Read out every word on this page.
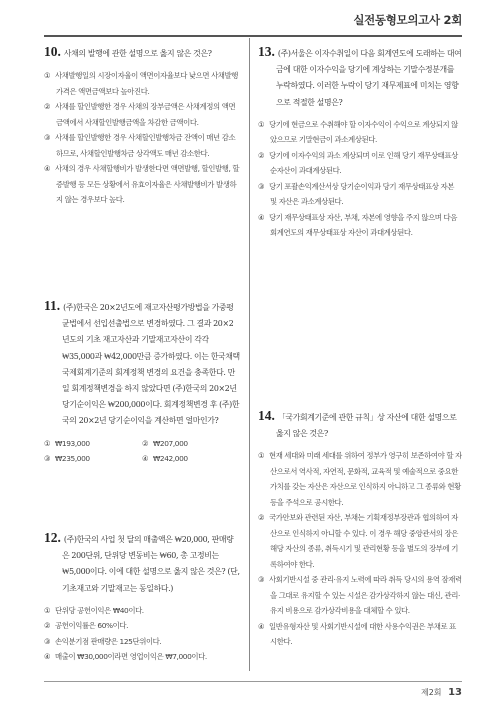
실전동형모의고사 2회
10. 사채의 발행에 관한 설명으로 옳지 않은 것은?
① 사채발행일의 시장이자율이 액면이자율보다 낮으면 사채발행가격은 액면금액보다 높아진다.
② 사채를 할인발행한 경우 사채의 장부금액은 사채계정의 액면금액에서 사채할인발행금액을 차감한 금액이다.
③ 사채를 할인발행한 경우 사채할인발행차금 잔액이 매년 감소하므로, 사채할인발행차금 상각액도 매년 감소한다.
④ 사채의 경우 사채할행비가 발생한다면 액면발행, 할인발행, 할증발행 등 모든 상황에서 유효이자율은 사채발행비가 발생하지 않는 경우보다 높다.
11. (주)한국은 20×2년도에 재고자산평가방법을 가중평균법에서 선입선출법으로 변경하였다. 그 결과 20×2년도의 기초 재고자산과 기말재고자산이 각각 ₩35,000과 ₩42,000만큼 증가하였다. 이는 한국채택국제회계기준의 회계정책 변경의 요건을 충족한다. 만일 회계정책변경을 하지 않았다면 (주)한국의 20×2년 당기순이익은 ₩200,000이다. 회계정책변경 후 (주)한국의 20×2년 당기순이익을 계산하면 얼마인가?
① ₩193,000	② ₩207,000
③ ₩235,000	④ ₩242,000
12. (주)한국의 사업 첫 달의 매출액은 ₩20,000, 판매량은 200단위, 단위당 변동비는 ₩60, 총 고정비는 ₩5,000이다. 이에 대한 설명으로 옳지 않은 것은? (단, 기초재고와 기말재고는 동일하다.)
① 단위당 공헌이익은 ₩40이다.
② 공헌이익률은 60%이다.
③ 손익분기점 판매량은 125단위이다.
④ 매출이 ₩30,000이라면 영업이익은 ₩7,000이다.
13. (주)서울은 이자수취일이 다음 회계연도에 도래하는 대여금에 대한 이자수익을 당기에 계상하는 기말수정분개를 누락하였다. 이러한 누락이 당기 재무제표에 미치는 영향으로 적절한 설명은?
① 당기에 현금으로 수취해야 할 이자수익이 수익으로 계상되지 않았으므로 기말현금이 과소계상된다.
② 당기에 이자수익의 과소 계상되며 이로 인해 당기 재무상태표상 순자산이 과대계상된다.
③ 당기 포괄손익계산서상 당기순이익과 당기 재무상태표상 자본 및 자산은 과소계상된다.
④ 당기 재무상태표상 자산, 부채, 자본에 영향을 주지 않으며 다음 회계연도의 재무상태표상 자산이 과대계상된다.
14. 「국가회계기준에 관한 규칙」상 자산에 대한 설명으로 옳지 않은 것은?
① 현재 세대와 미래 세대를 위하여 정부가 영구히 보존하여야 할 자산으로서 역사적, 자연적, 문화적, 교육적 및 예술적으로 중요한 가치를 갖는 자산은 자산으로 인식하지 아니하고 그 종류와 현황 등을 주석으로 공시한다.
② 국가안보와 관련된 자산, 부채는 기획재정부장관과 협의하여 자산으로 인식하지 아니할 수 있다. 이 경우 해당 중앙관서의 장은 해당 자산의 종류, 취득시기 및 관리현황 등을 별도의 장부에 기록하여야 한다.
③ 사회기반시설 중 관리·유지 노력에 따라 취득 당시의 용역 잠재력을 그대로 유지할 수 있는 시설은 감가상각하지 않는 대신, 관리·유지 비용으로 감가상각비용을 대체할 수 있다.
④ 일반유형자산 및 사회기반시설에 대한 사용수익권은 부채로 표시한다.
제2회 13
